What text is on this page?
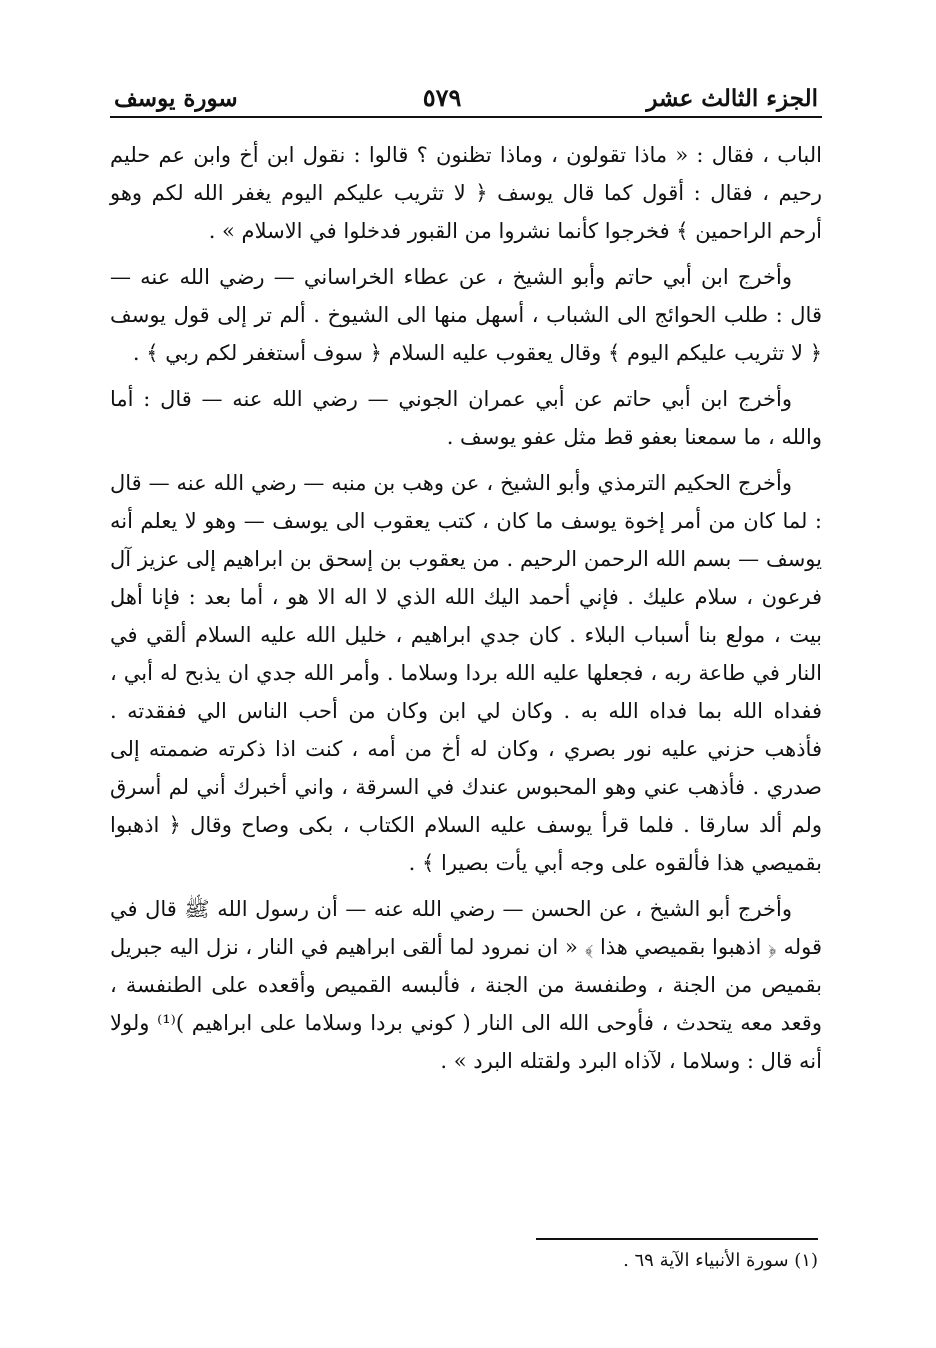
الجزء الثالث عشر
٥٧٩
سورة يوسف

الباب ، فقال : « ماذا تقولون ، وماذا تظنون ؟ قالوا : نقول ابن أخ وابن عم حليم رحيم ، فقال : أقول كما قال يوسف ﴿ لا تثريب عليكم اليوم يغفر الله لكم وهو أرحم الراحمين ﴾ فخرجوا كأنما نشروا من القبور فدخلوا في الاسلام » .

وأخرج ابن أبي حاتم وأبو الشيخ ، عن عطاء الخراساني — رضي الله عنه — قال : طلب الحوائج الى الشباب ، أسهل منها الى الشيوخ . ألم تر إلى قول يوسف ﴿ لا تثريب عليكم اليوم ﴾ وقال يعقوب عليه السلام ﴿ سوف أستغفر لكم ربي ﴾ .

وأخرج ابن أبي حاتم عن أبي عمران الجوني — رضي الله عنه — قال : أما والله ، ما سمعنا بعفو قط مثل عفو يوسف .

وأخرج الحكيم الترمذي وأبو الشيخ ، عن وهب بن منبه — رضي الله عنه — قال : لما كان من أمر إخوة يوسف ما كان ، كتب يعقوب الى يوسف — وهو لا يعلم أنه يوسف — بسم الله الرحمن الرحيم . من يعقوب بن إسحق بن ابراهيم إلى عزيز آل فرعون ، سلام عليك . فإني أحمد اليك الله الذي لا اله الا هو ، أما بعد : فإنا أهل بيت ، مولع بنا أسباب البلاء . كان جدي ابراهيم ، خليل الله عليه السلام ألقي في النار في طاعة ربه ، فجعلها عليه الله بردا وسلاما . وأمر الله جدي ان يذبح له أبي ، ففداه الله بما فداه الله به . وكان لي ابن وكان من أحب الناس الي ففقدته . فأذهب حزني عليه نور بصري ، وكان له أخ من أمه ، كنت اذا ذكرته ضممته إلى صدري . فأذهب عني وهو المحبوس عندك في السرقة ، واني أخبرك أني لم أسرق ولم ألد سارقا . فلما قرأ يوسف عليه السلام الكتاب ، بكى وصاح وقال ﴿ اذهبوا بقميصي هذا فألقوه على وجه أبي يأت بصيرا ﴾ .

وأخرج أبو الشيخ ، عن الحسن — رضي الله عنه — أن رسول الله ﷺ قال في قوله ﴿ اذهبوا بقميصي هذا ﴾ « ان نمرود لما ألقى ابراهيم في النار ، نزل اليه جبريل بقميص من الجنة ، وطنفسة من الجنة ، فألبسه القميص وأقعده على الطنفسة ، وقعد معه يتحدث ، فأوحى الله الى النار ( كوني بردا وسلاما على ابراهيم )⁽¹⁾ ولولا أنه قال : وسلاما ، لآذاه البرد ولقتله البرد » .

(١) سورة الأنبياء الآية ٦٩ .
